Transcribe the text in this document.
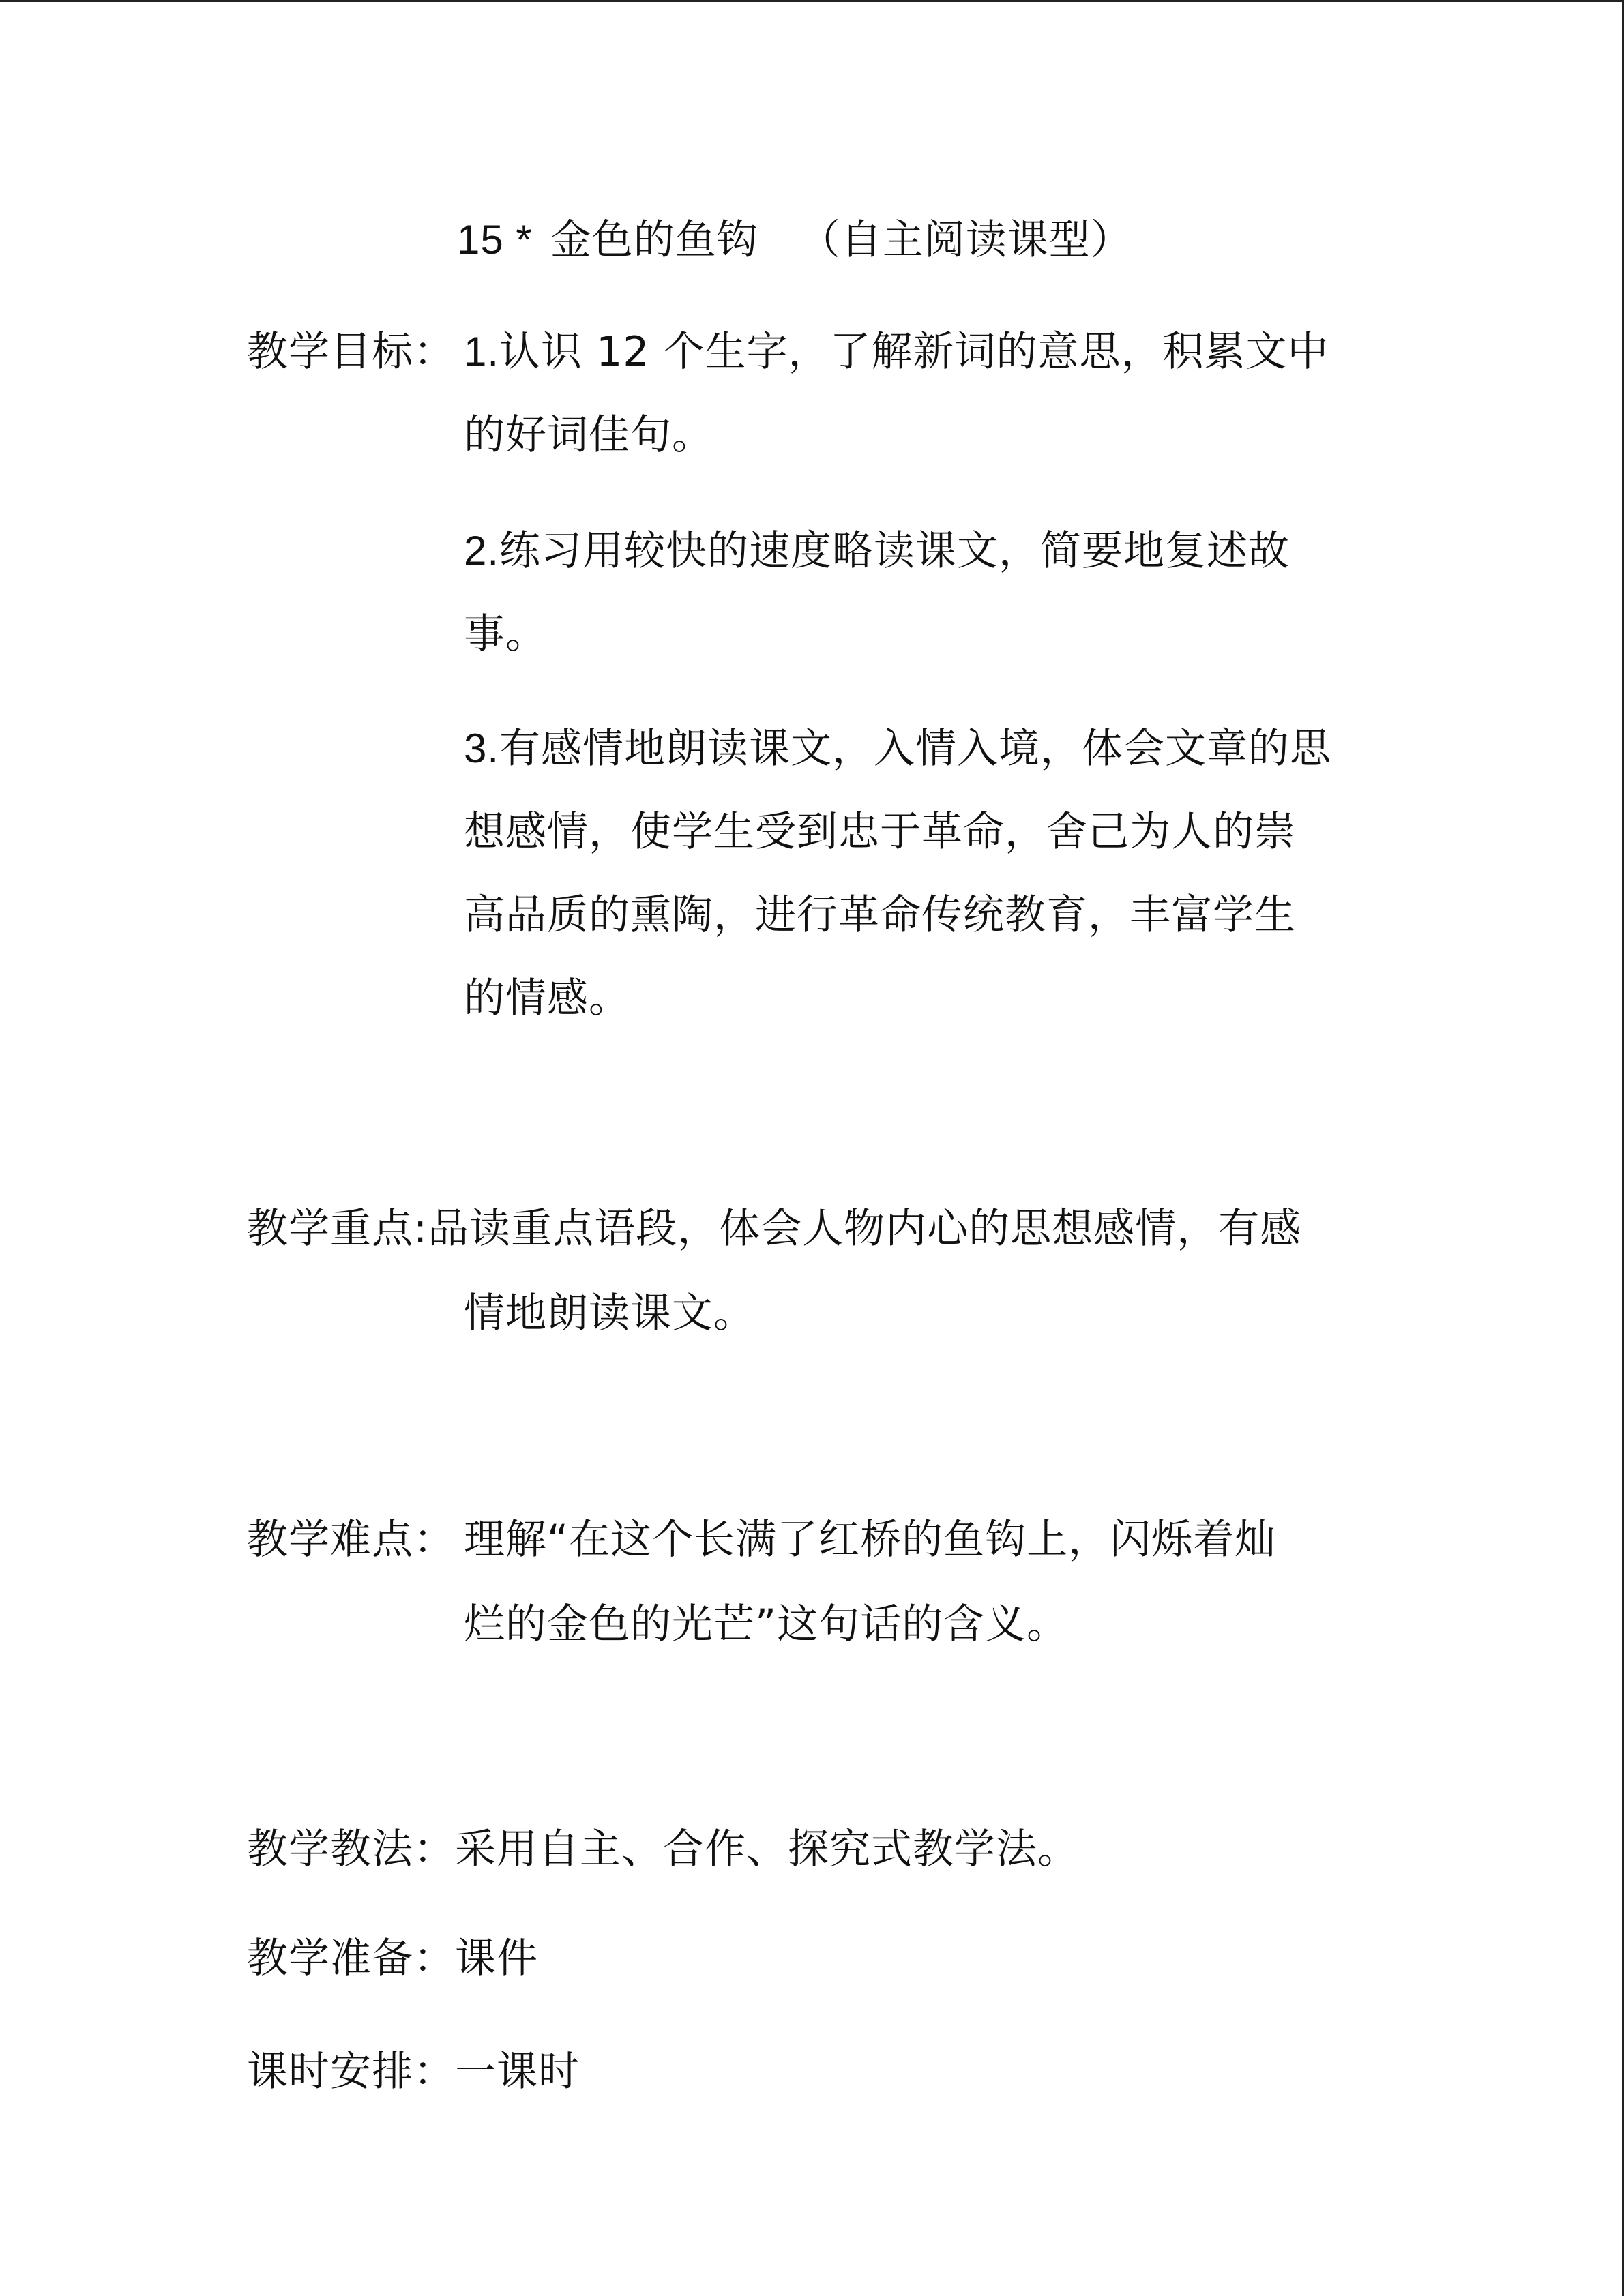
15 * 金色的鱼钩 （自主阅读课型）
教学目标： 1.认识 12 个生字，了解新词的意思，积累文中
的好词佳句。
2.练习用较快的速度略读课文，简要地复述故
事。
3.有感情地朗读课文，入情入境，体会文章的思
想感情，使学生受到忠于革命，舍己为人的崇
高品质的熏陶，进行革命传统教育，丰富学生
的情感。
教学重点:品读重点语段，体会人物内心的思想感情，有感
情地朗读课文。
教学难点： 理解“在这个长满了红桥的鱼钩上，闪烁着灿
烂的金色的光芒”这句话的含义。
教学教法：采用自主、合作、探究式教学法。
教学准备：课件
课时安排：一课时
